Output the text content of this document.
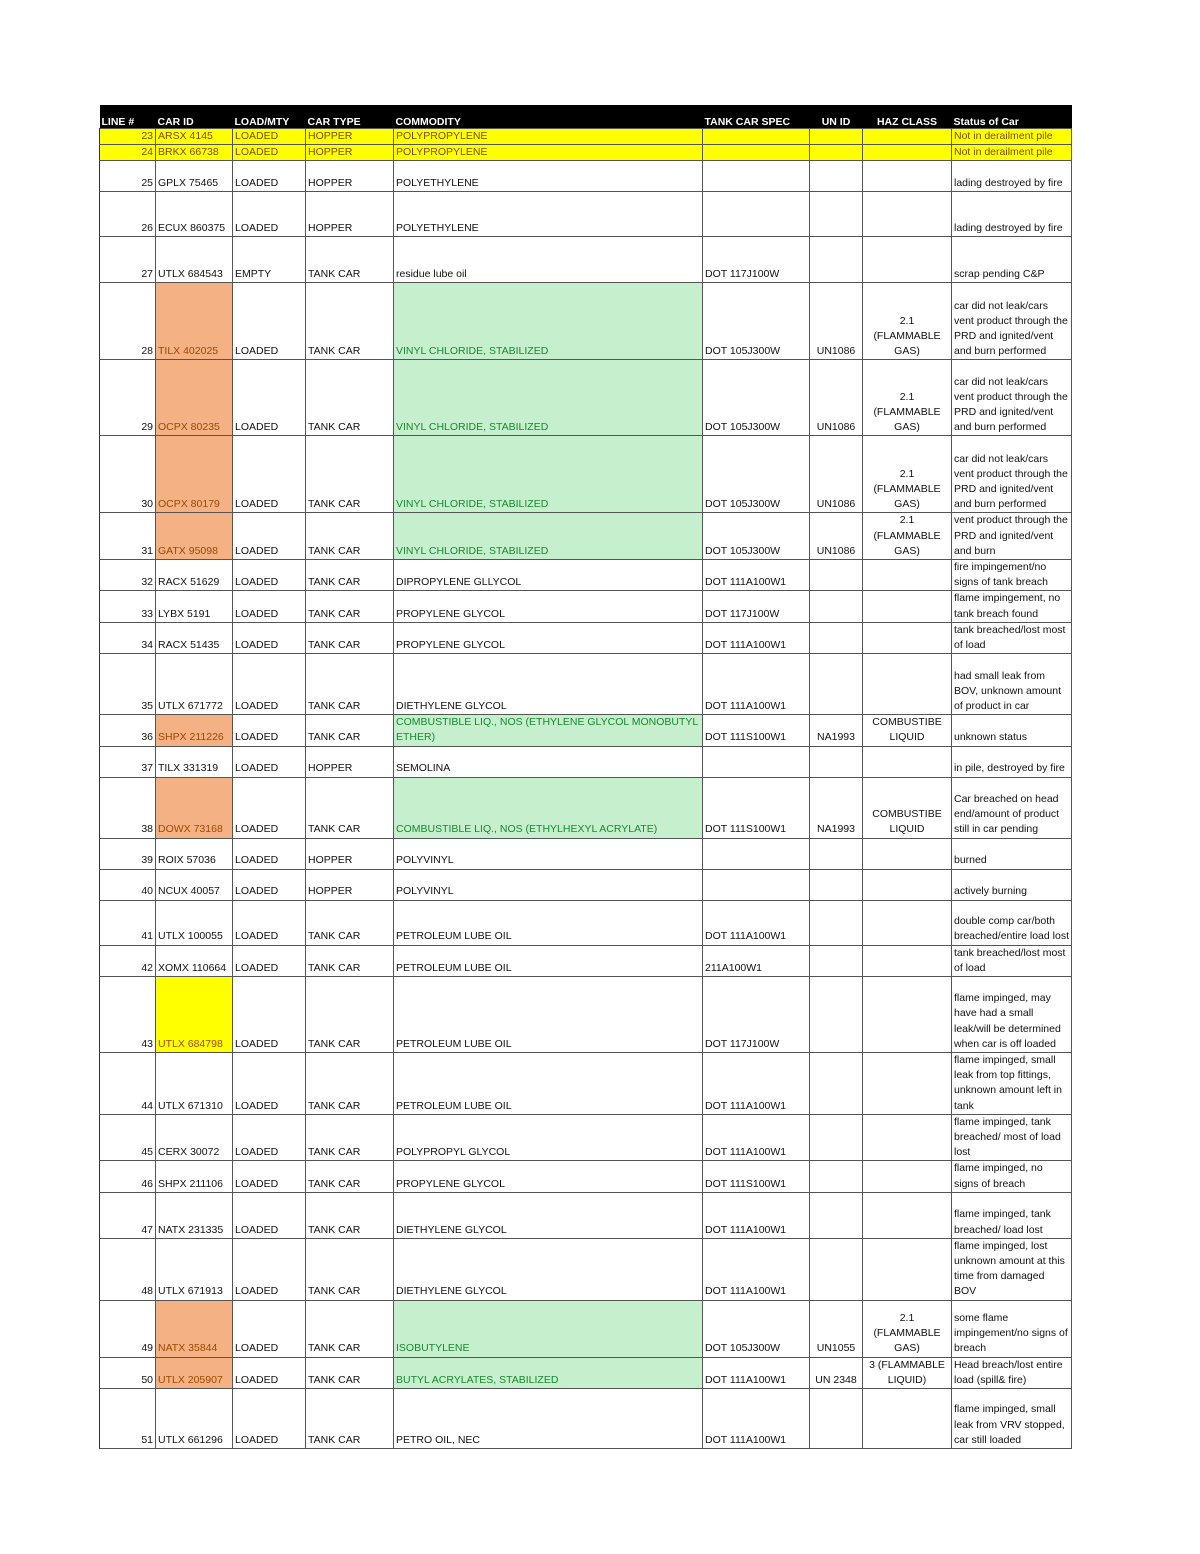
LINE #	CAR ID	LOAD/MTY	CAR TYPE	COMMODITY	TANK CAR SPEC	UN ID	HAZ CLASS	Status of Car
23	ARSX 4145	LOADED	HOPPER	POLYPROPYLENE				Not in derailment pile
24	BRKX 66738	LOADED	HOPPER	POLYPROPYLENE				Not in derailment pile
25	GPLX 75465	LOADED	HOPPER	POLYETHYLENE				lading destroyed by fire
26	ECUX 860375	LOADED	HOPPER	POLYETHYLENE				lading destroyed by fire
27	UTLX 684543	EMPTY	TANK CAR	residue lube oil	DOT 117J100W			scrap pending C&P
28	TILX 402025	LOADED	TANK CAR	VINYL CHLORIDE, STABILIZED	DOT 105J300W	UN1086	2.1 (FLAMMABLE GAS)	car did not leak/cars vent product through the PRD and ignited/vent and burn performed
29	OCPX 80235	LOADED	TANK CAR	VINYL CHLORIDE, STABILIZED	DOT 105J300W	UN1086	2.1 (FLAMMABLE GAS)	car did not leak/cars vent product through the PRD and ignited/vent and burn performed
30	OCPX 80179	LOADED	TANK CAR	VINYL CHLORIDE, STABILIZED	DOT 105J300W	UN1086	2.1 (FLAMMABLE GAS)	car did not leak/cars vent product through the PRD and ignited/vent and burn performed
31	GATX 95098	LOADED	TANK CAR	VINYL CHLORIDE, STABILIZED	DOT 105J300W	UN1086	2.1 (FLAMMABLE GAS)	vent product through the PRD and ignited/vent and burn
32	RACX 51629	LOADED	TANK CAR	DIPROPYLENE GLLYCOL	DOT 111A100W1			fire impingement/no signs of tank breach
33	LYBX 5191	LOADED	TANK CAR	PROPYLENE GLYCOL	DOT 117J100W			flame impingement, no tank breach found
34	RACX 51435	LOADED	TANK CAR	PROPYLENE GLYCOL	DOT 111A100W1			tank breached/lost most of load
35	UTLX 671772	LOADED	TANK CAR	DIETHYLENE GLYCOL	DOT 111A100W1			had small leak from BOV, unknown amount of product in car
36	SHPX 211226	LOADED	TANK CAR	COMBUSTIBLE LIQ., NOS (ETHYLENE GLYCOL MONOBUTYL ETHER)	DOT 111S100W1	NA1993	COMBUSTIBE LIQUID	unknown status
37	TILX 331319	LOADED	HOPPER	SEMOLINA				in pile, destroyed by fire
38	DOWX 73168	LOADED	TANK CAR	COMBUSTIBLE LIQ., NOS (ETHYLHEXYL ACRYLATE)	DOT 111S100W1	NA1993	COMBUSTIBE LIQUID	Car breached on head end/amount of product still in car pending
39	ROIX 57036	LOADED	HOPPER	POLYVINYL				burned
40	NCUX 40057	LOADED	HOPPER	POLYVINYL				actively burning
41	UTLX 100055	LOADED	TANK CAR	PETROLEUM LUBE OIL	DOT 111A100W1			double comp car/both breached/entire load lost
42	XOMX 110664	LOADED	TANK CAR	PETROLEUM LUBE OIL	211A100W1			tank breached/lost most of load
43	UTLX 684798	LOADED	TANK CAR	PETROLEUM LUBE OIL	DOT 117J100W			flame impinged, may have had a small leak/will be determined when car is off loaded
44	UTLX 671310	LOADED	TANK CAR	PETROLEUM LUBE OIL	DOT 111A100W1			flame impinged, small leak from top fittings, unknown amount left in tank
45	CERX 30072	LOADED	TANK CAR	POLYPROPYL GLYCOL	DOT 111A100W1			flame impinged, tank breached/ most of load lost
46	SHPX 211106	LOADED	TANK CAR	PROPYLENE GLYCOL	DOT 111S100W1			flame impinged, no signs of breach
47	NATX 231335	LOADED	TANK CAR	DIETHYLENE GLYCOL	DOT 111A100W1			flame impinged, tank breached/ load lost
48	UTLX 671913	LOADED	TANK CAR	DIETHYLENE GLYCOL	DOT 111A100W1			flame impinged, lost unknown amount at this time from damaged BOV
49	NATX 35844	LOADED	TANK CAR	ISOBUTYLENE	DOT 105J300W	UN1055	2.1 (FLAMMABLE GAS)	some flame impingement/no signs of breach
50	UTLX 205907	LOADED	TANK CAR	BUTYL ACRYLATES, STABILIZED	DOT 111A100W1	UN 2348	3 (FLAMMABLE LIQUID)	Head breach/lost entire load (spill& fire)
51	UTLX 661296	LOADED	TANK CAR	PETRO OIL, NEC	DOT 111A100W1			flame impinged, small leak from VRV stopped, car still loaded
